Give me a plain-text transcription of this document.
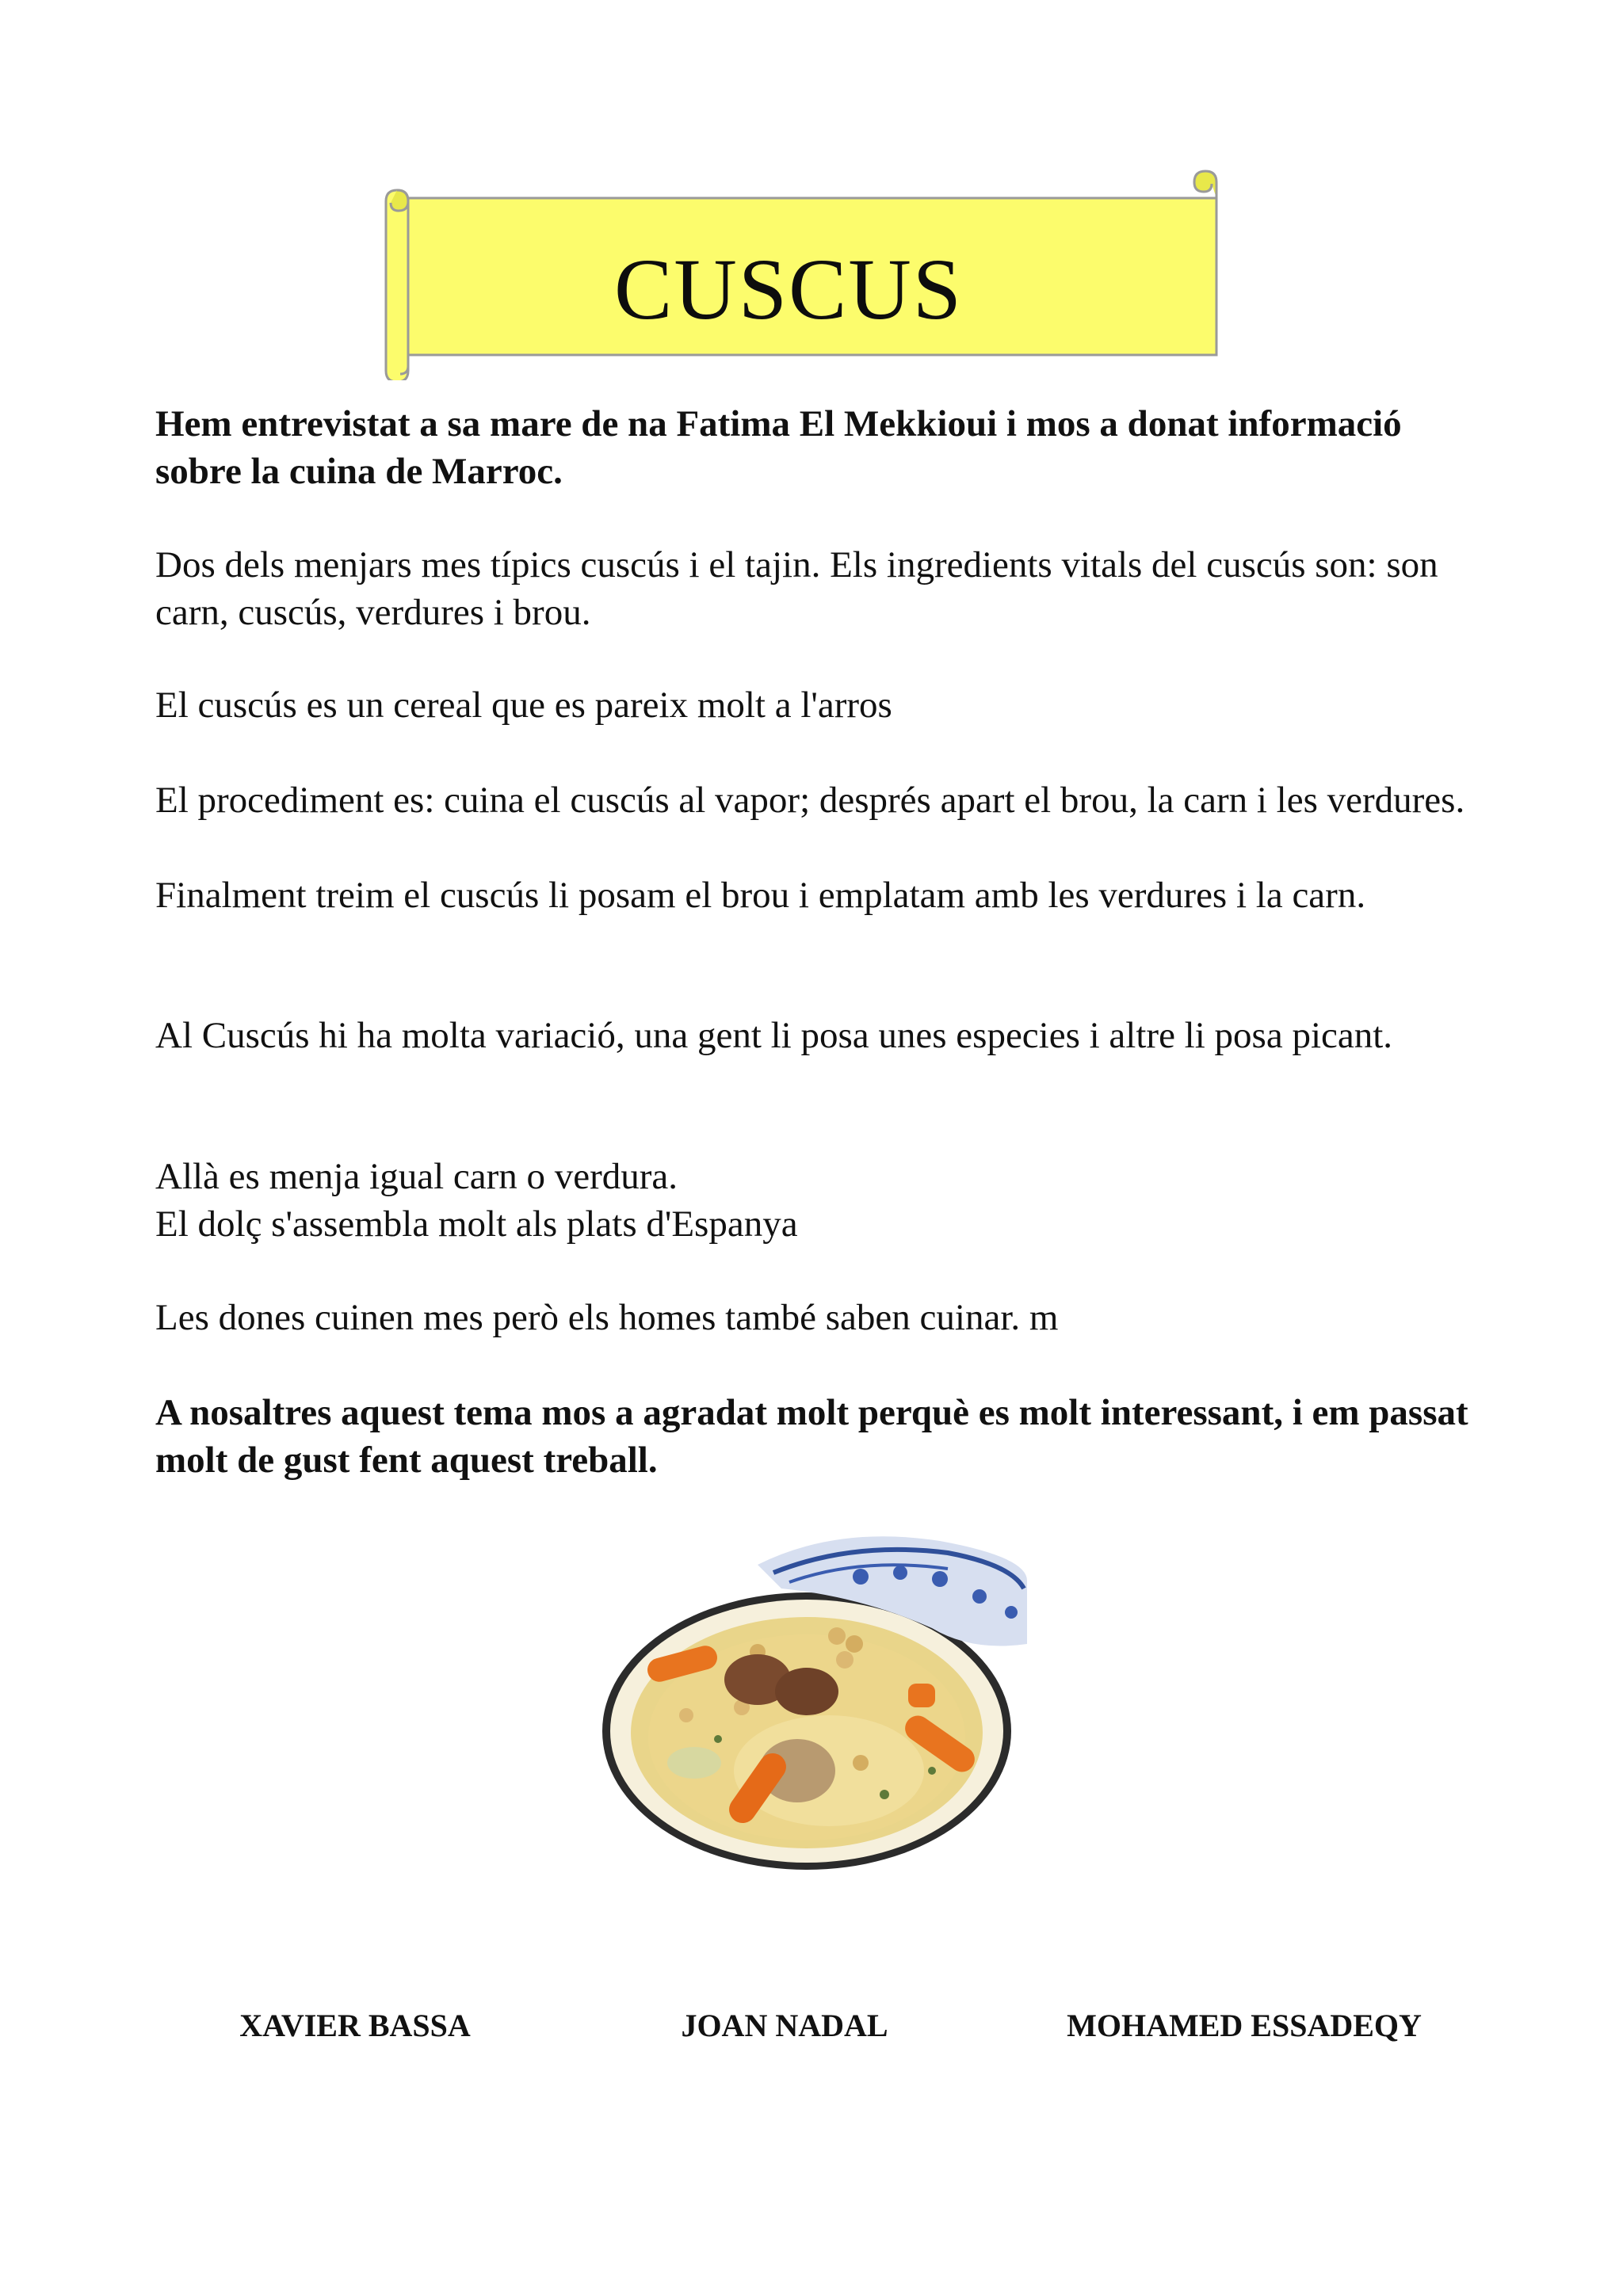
CUSCUS

Hem entrevistat a sa mare de na Fatima El Mekkioui i mos a donat informació sobre la cuina de Marroc.

Dos dels menjars mes típics cuscús i el tajin. Els ingredients vitals del cuscús son: son carn, cuscús, verdures i brou.

El cuscús es un cereal que es pareix molt a l'arros

El procediment es: cuina el cuscús al vapor; després apart el brou, la carn i les verdures.

Finalment treim el cuscús li posam el brou i emplatam amb les verdures i la carn.

Al Cuscús hi ha molta variació, una gent li posa unes especies i altre li posa picant.

Allà es menja igual carn o verdura.

El dolç s'assembla molt als plats d'Espanya

Les dones cuinen mes però els homes també saben cuinar. m

A nosaltres aquest tema mos a agradat molt perquè es molt interessant, i em passat molt de gust fent aquest treball.

XAVIER BASSA	JOAN NADAL	MOHAMED ESSADEQY
